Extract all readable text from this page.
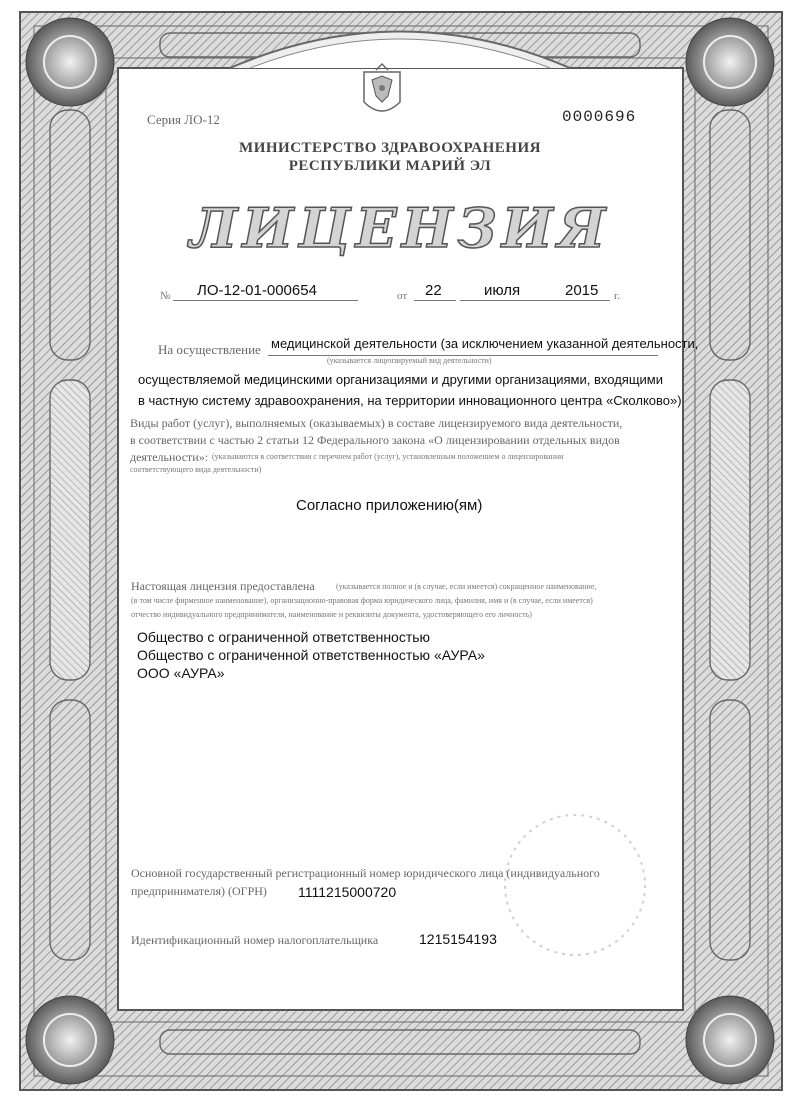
Серия ЛО-12	0000696
МИНИСТЕРСТВО ЗДРАВООХРАНЕНИЯ
РЕСПУБЛИКИ МАРИЙ ЭЛ
ЛИЦЕНЗИЯ
№ ЛО-12-01-000654	от 22	июля	2015 г.
На осуществление медицинской деятельности (за исключением указанной деятельности,
(указывается лицензируемый вид деятельности)
осуществляемой медицинскими организациями и другими организациями, входящими
в частную систему здравоохранения, на территории инновационного центра «Сколково»)
Виды работ (услуг), выполняемых (оказываемых) в составе лицензируемого вида деятельности,
в соответствии с частью 2 статьи 12 Федерального закона «О лицензировании отдельных видов
деятельности»: (указываются в соответствии с перечнем работ (услуг), установленным положением о лицензировании
соответствующего вида деятельности)
Согласно приложению(ям)
Настоящая лицензия предоставлена	(указывается полное и (в случае, если имеется) сокращенное наименование,
(в том числе фирменное наименование), организационно-правовая форма юридического лица, фамилия, имя и (в случае, если имеется)
отчество индивидуального предпринимателя, наименование и реквизиты документа, удостоверяющего его личность)
Общество с ограниченной ответственностью
Общество с ограниченной ответственностью «АУРА»
ООО «АУРА»
Основной государственный регистрационный номер юридического лица (индивидуального
предпринимателя) (ОГРН) 1111215000720
Идентификационный номер налогоплательщика	1215154193
